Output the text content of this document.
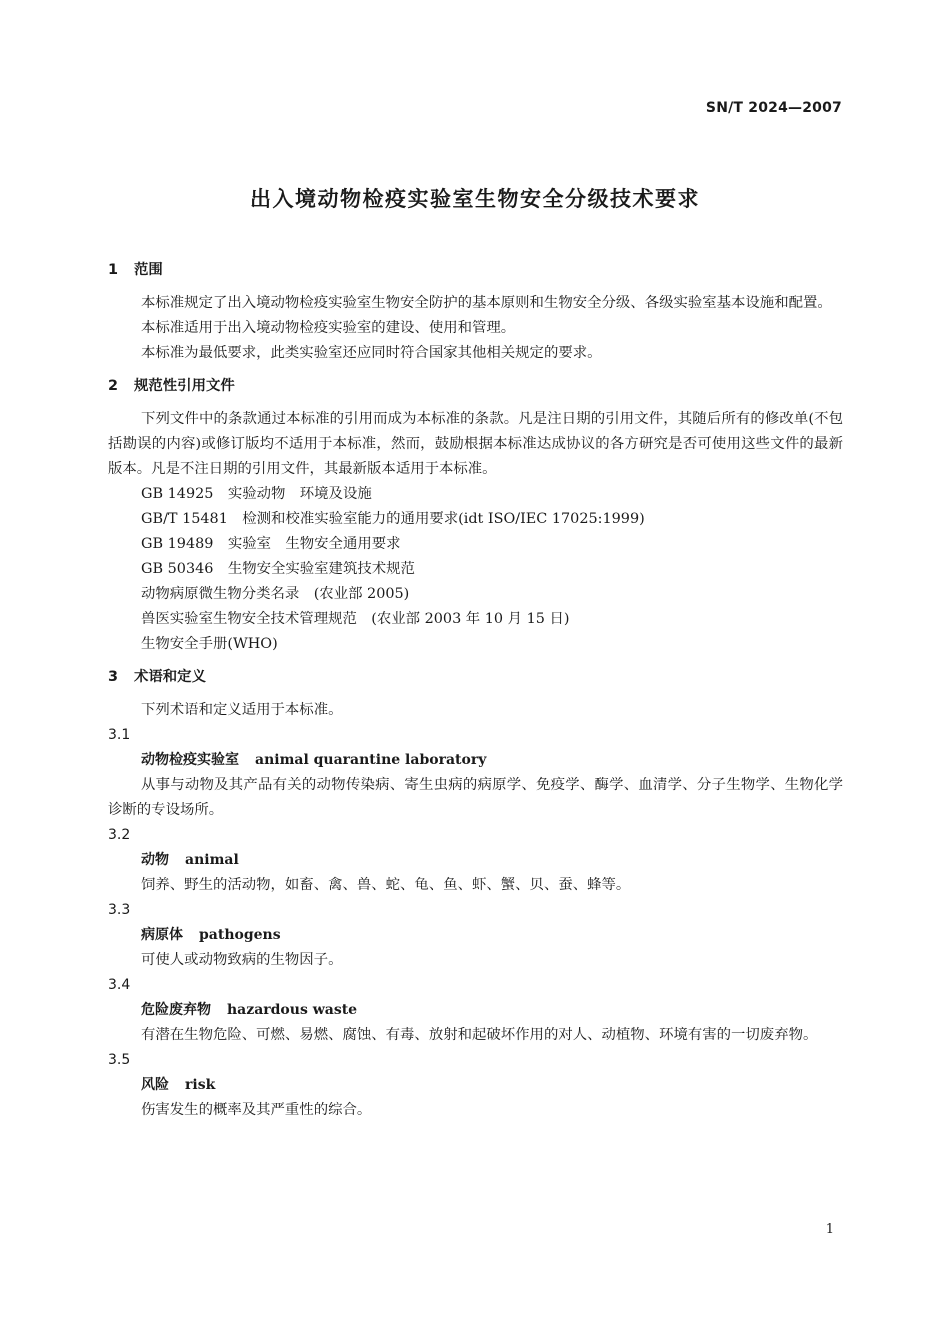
SN/T 2024—2007
出入境动物检疫实验室生物安全分级技术要求
1 范围
本标准规定了出入境动物检疫实验室生物安全防护的基本原则和生物安全分级、各级实验室基本设施和配置。
本标准适用于出入境动物检疫实验室的建设、使用和管理。
本标准为最低要求，此类实验室还应同时符合国家其他相关规定的要求。
2 规范性引用文件
下列文件中的条款通过本标准的引用而成为本标准的条款。凡是注日期的引用文件，其随后所有的修改单(不包括勘误的内容)或修订版均不适用于本标准，然而，鼓励根据本标准达成协议的各方研究是否可使用这些文件的最新版本。凡是不注日期的引用文件，其最新版本适用于本标准。
GB 14925　实验动物　环境及设施
GB/T 15481　检测和校准实验室能力的通用要求(idt ISO/IEC 17025:1999)
GB 19489　实验室　生物安全通用要求
GB 50346　生物安全实验室建筑技术规范
动物病原微生物分类名录　(农业部 2005)
兽医实验室生物安全技术管理规范　(农业部 2003 年 10 月 15 日)
生物安全手册(WHO)
3 术语和定义
下列术语和定义适用于本标准。
3.1
动物检疫实验室 animal quarantine laboratory
从事与动物及其产品有关的动物传染病、寄生虫病的病原学、免疫学、酶学、血清学、分子生物学、生物化学诊断的专设场所。
3.2
动物 animal
饲养、野生的活动物，如畜、禽、兽、蛇、龟、鱼、虾、蟹、贝、蚕、蜂等。
3.3
病原体 pathogens
可使人或动物致病的生物因子。
3.4
危险废弃物 hazardous waste
有潜在生物危险、可燃、易燃、腐蚀、有毒、放射和起破坏作用的对人、动植物、环境有害的一切废弃物。
3.5
风险 risk
伤害发生的概率及其严重性的综合。
1
